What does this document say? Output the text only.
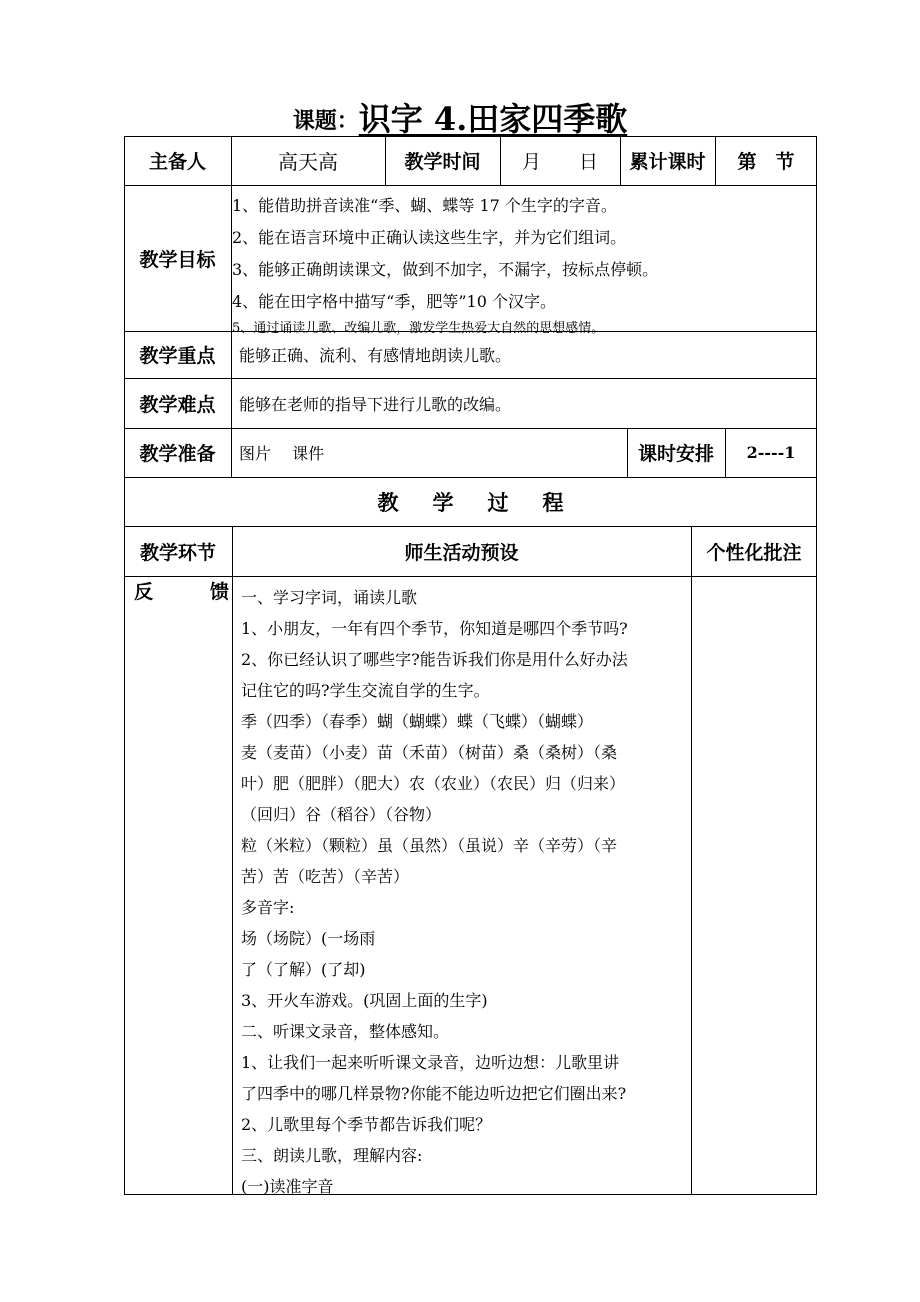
课题：识字 4.田家四季歌
主备人	高天高	教学时间	月　　日	累计课时	第　节
教学目标
1、能借助拼音读准“季、蝴、蝶等 17 个生字的字音。
2、能在语言环境中正确认读这些生字，并为它们组词。
3、能够正确朗读课文，做到不加字，不漏字，按标点停顿。
4、能在田字格中描写“季，肥等”10 个汉字。
5、通过诵读儿歌、改编儿歌，激发学生热爱大自然的思想感情。
教学重点	能够正确、流利、有感情地朗读儿歌。
教学难点	能够在老师的指导下进行儿歌的改编。
教学准备	图片　 课件	课时安排	2----1
教学过程
教学环节	师生活动预设	个性化批注
反　　　馈 一、学习字词，诵读儿歌
1、小朋友，一年有四个季节，你知道是哪四个季节吗?
2、你已经认识了哪些字?能告诉我们你是用什么好办法
记住它的吗?学生交流自学的生字。
季（四季）（春季）蝴（蝴蝶）蝶（飞蝶）（蝴蝶）
麦（麦苗）（小麦）苗（禾苗）（树苗）桑（桑树）（桑
叶）肥（肥胖）（肥大）农（农业）（农民）归（归来）
（回归）谷（稻谷）（谷物）
粒（米粒）（颗粒）虽（虽然）（虽说）辛（辛劳）（辛
苦）苦（吃苦）（辛苦）
多音字:
场（场院）(一场雨
了（了解）(了却)
3、开火车游戏。(巩固上面的生字)
二、听课文录音，整体感知。
1、让我们一起来听听课文录音，边听边想：儿歌里讲
了四季中的哪几样景物?你能不能边听边把它们圈出来?
2、儿歌里每个季节都告诉我们呢？
三、朗读儿歌，理解内容:
(一)读准字音
